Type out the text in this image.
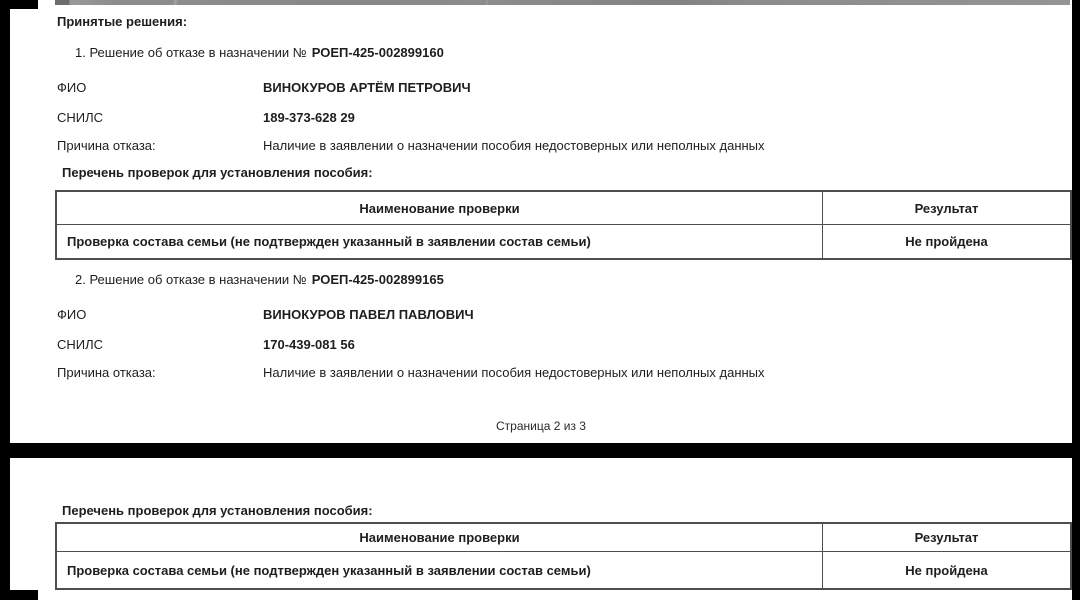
Принятые решения:
1. Решение об отказе в назначении № РОЕП-425-002899160
ФИО	ВИНОКУРОВ АРТЁМ ПЕТРОВИЧ
СНИЛС	189-373-628 29
Причина отказа:	Наличие в заявлении о назначении пособия недостоверных или неполных данных
Перечень проверок для установления пособия:
Наименование проверки	Результат
Проверка состава семьи (не подтвержден указанный в заявлении состав семьи)	Не пройдена
2. Решение об отказе в назначении № РОЕП-425-002899165
ФИО	ВИНОКУРОВ ПАВЕЛ ПАВЛОВИЧ
СНИЛС	170-439-081 56
Причина отказа:	Наличие в заявлении о назначении пособия недостоверных или неполных данных
Страница 2 из 3
Перечень проверок для установления пособия:
Наименование проверки	Результат
Проверка состава семьи (не подтвержден указанный в заявлении состав семьи)	Не пройдена
